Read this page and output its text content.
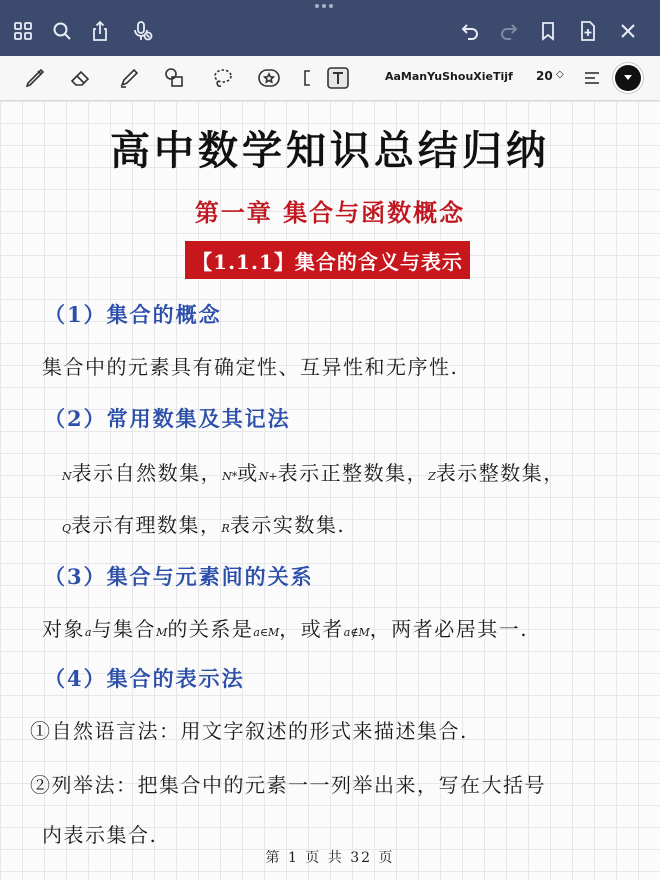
AaManYuShouXieTijf 20 ◇
高中数学知识总结归纳
第一章 集合与函数概念
【1.1.1】集合的含义与表示
（1）集合的概念
集合中的元素具有确定性、互异性和无序性.
（2）常用数集及其记法
N表示自然数集，N*或N+表示正整数集，Z表示整数集，
Q表示有理数集，R表示实数集.
（3）集合与元素间的关系
对象a与集合M的关系是a∈M，或者a∉M，两者必居其一.
（4）集合的表示法
①自然语言法：用文字叙述的形式来描述集合.
②列举法：把集合中的元素一一列举出来，写在大括号
内表示集合.
第 1 页 共 32 页
